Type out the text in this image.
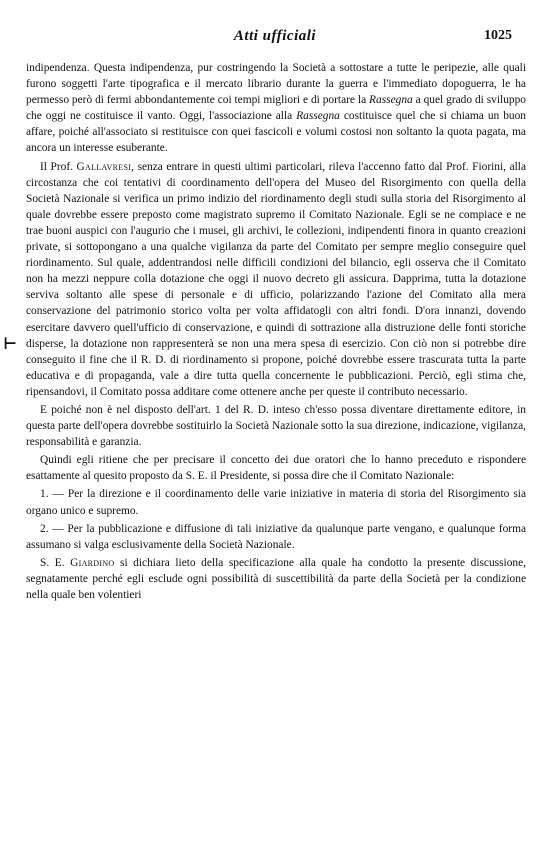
Atti ufficiali	1025
⊢

indipendenza. Questa indipendenza, pur costringendo la Società a sottostare a tutte le peripezie, alle quali furono soggetti l'arte tipografica e il mercato librario durante la guerra e l'immediato dopoguerra, le ha permesso però di fermi abbondantemente coi tempi migliori e di portare la Rassegna a quel grado di sviluppo che oggi ne costituisce il vanto. Oggi, l'associazione alla Rassegna costituisce quel che si chiama un buon affare, poiché all'associato si restituisce con quei fascicoli e volumi costosi non soltanto la quota pagata, ma ancora un interesse esuberante.

Il Prof. Gallavresi, senza entrare in questi ultimi particolari, rileva l'accenno fatto dal Prof. Fiorini, alla circostanza che coi tentativi di coordinamento dell'opera del Museo del Risorgimento con quella della Società Nazionale si verifica un primo indizio del riordinamento degli studi sulla storia del Risorgimento al quale dovrebbe essere preposto come magistrato supremo il Comitato Nazionale. Egli se ne compiace e ne trae buoni auspici con l'augurio che i musei, gli archivi, le collezioni, indipendenti finora in quanto creazioni private, si sottopongano a una qualche vigilanza da parte del Comitato per sempre meglio conseguire quel riordinamento. Sul quale, addentrandosi nelle difficili condizioni del bilancio, egli osserva che il Comitato non ha mezzi neppure colla dotazione che oggi il nuovo decreto gli assicura. Dapprima, tutta la dotazione serviva soltanto alle spese di personale e di ufficio, polarizzando l'azione del Comitato alla mera conservazione del patrimonio storico volta per volta affidatogli con altri fondi. D'ora innanzi, dovendo esercitare davvero quell'ufficio di conservazione, e quindi di sottrazione alla distruzione delle fonti storiche disperse, la dotazione non rappresenterà se non una mera spesa di esercizio. Con ciò non si potrebbe dire conseguito il fine che il R. D. di riordinamento si propone, poiché dovrebbe essere trascurata tutta la parte educativa e di propaganda, vale a dire tutta quella concernente le pubblicazioni. Perciò, egli stima che, ripensandovi, il Comitato possa additare come ottenere anche per queste il contributo necessario.

E poiché non è nel disposto dell'art. 1 del R. D. inteso ch'esso possa diventare direttamente editore, in questa parte dell'opera dovrebbe sostituirlo la Società Nazionale sotto la sua direzione, indicazione, vigilanza, responsabilità e garanzia.

Quindi egli ritiene che per precisare il concetto dei due oratori che lo hanno preceduto e rispondere esattamente al quesito proposto da S. E. il Presidente, si possa dire che il Comitato Nazionale:

1. — Per la direzione e il coordinamento delle varie iniziative in materia di storia del Risorgimento sia organo unico e supremo.

2. — Per la pubblicazione e diffusione di tali iniziative da qualunque parte vengano, e qualunque forma assumano si valga esclusivamente della Società Nazionale.

S. E. Giardino si dichiara lieto della specificazione alla quale ha condotto la presente discussione, segnatamente perché egli esclude ogni possibilità di suscettibilità da parte della Società per la condizione nella quale ben volentieri
